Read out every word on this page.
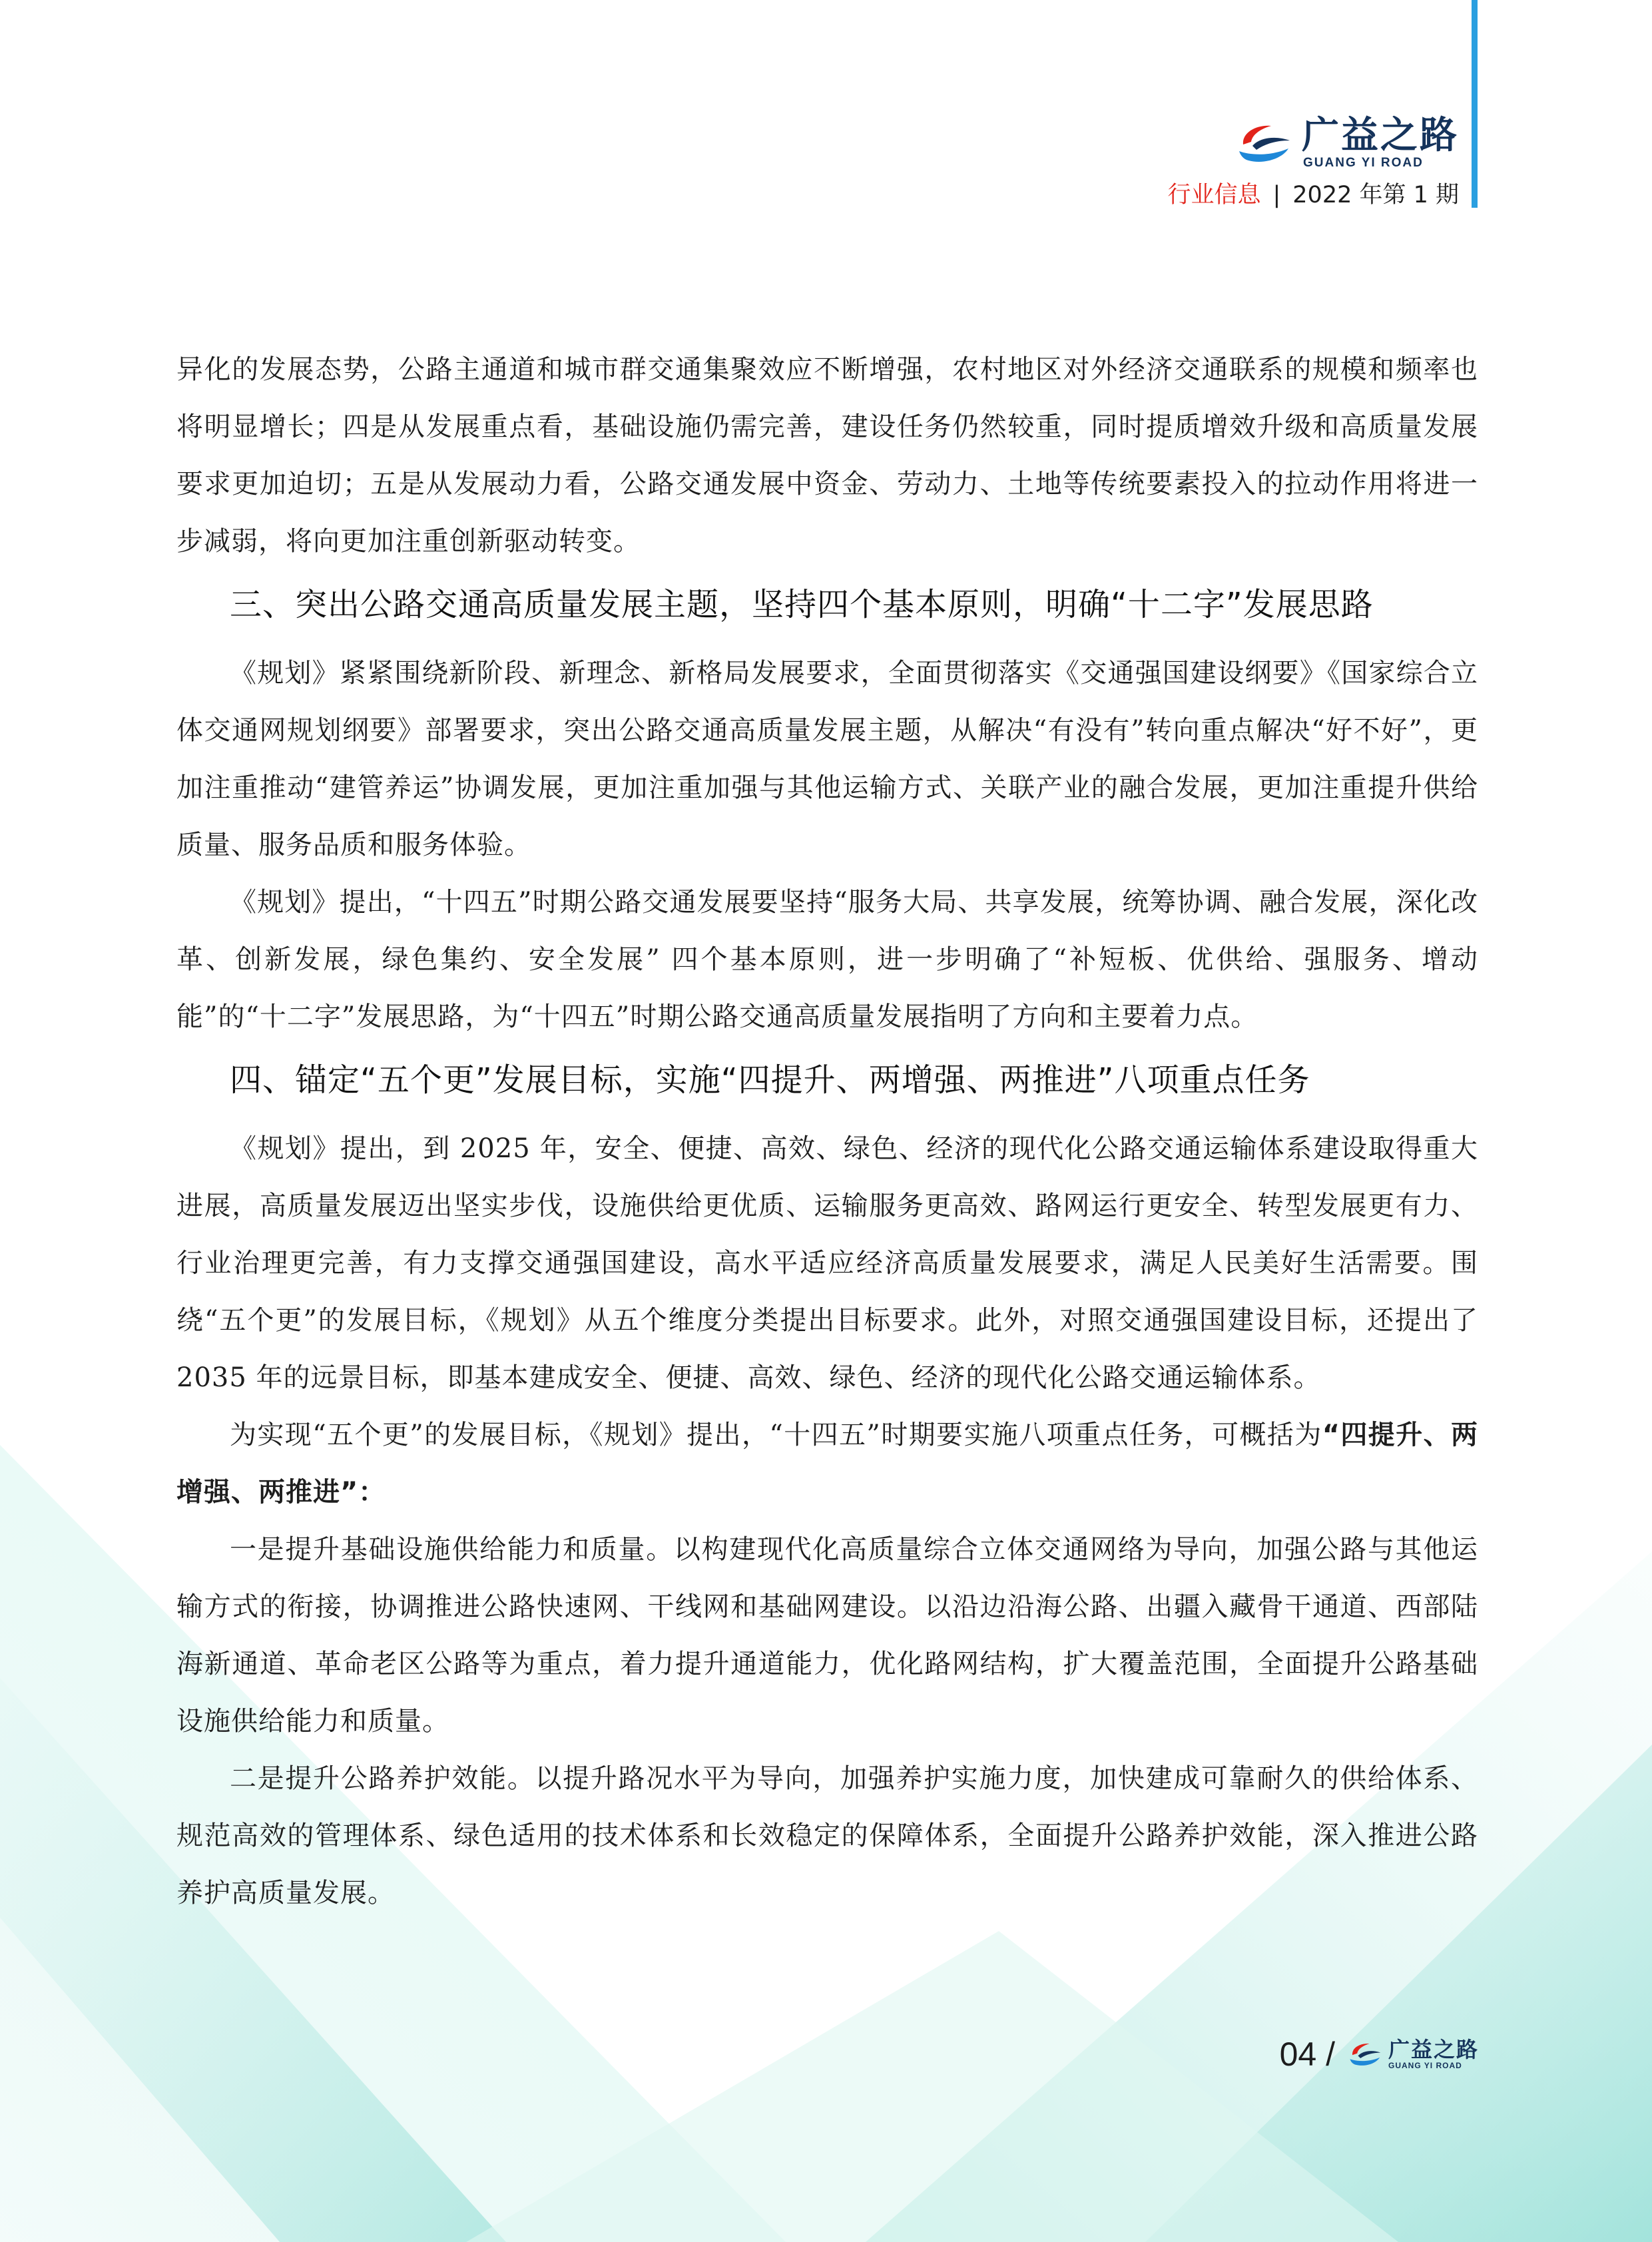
广益之路
GUANG YI ROAD
行业信息 | 2022 年第 1 期

异化的发展态势，公路主通道和城市群交通集聚效应不断增强，农村地区对外经济交通联系的规模和频率也将明显增长；四是从发展重点看，基础设施仍需完善，建设任务仍然较重，同时提质增效升级和高质量发展要求更加迫切；五是从发展动力看，公路交通发展中资金、劳动力、土地等传统要素投入的拉动作用将进一步减弱，将向更加注重创新驱动转变。

三、突出公路交通高质量发展主题，坚持四个基本原则，明确“十二字”发展思路

《规划》紧紧围绕新阶段、新理念、新格局发展要求，全面贯彻落实《交通强国建设纲要》《国家综合立体交通网规划纲要》部署要求，突出公路交通高质量发展主题，从解决“有没有”转向重点解决“好不好”，更加注重推动“建管养运”协调发展，更加注重加强与其他运输方式、关联产业的融合发展，更加注重提升供给质量、服务品质和服务体验。

《规划》提出，“十四五”时期公路交通发展要坚持“服务大局、共享发展，统筹协调、融合发展，深化改革、创新发展，绿色集约、安全发展” 四个基本原则，进一步明确了“补短板、优供给、强服务、增动能”的“十二字”发展思路，为“十四五”时期公路交通高质量发展指明了方向和主要着力点。

四、锚定“五个更”发展目标，实施“四提升、两增强、两推进”八项重点任务

《规划》提出，到 2025 年，安全、便捷、高效、绿色、经济的现代化公路交通运输体系建设取得重大进展，高质量发展迈出坚实步伐，设施供给更优质、运输服务更高效、路网运行更安全、转型发展更有力、行业治理更完善，有力支撑交通强国建设，高水平适应经济高质量发展要求，满足人民美好生活需要。围绕“五个更”的发展目标，《规划》从五个维度分类提出目标要求。此外，对照交通强国建设目标，还提出了 2035 年的远景目标，即基本建成安全、便捷、高效、绿色、经济的现代化公路交通运输体系。

为实现“五个更”的发展目标，《规划》提出，“十四五”时期要实施八项重点任务，可概括为“四提升、两增强、两推进”：

一是提升基础设施供给能力和质量。以构建现代化高质量综合立体交通网络为导向，加强公路与其他运输方式的衔接，协调推进公路快速网、干线网和基础网建设。以沿边沿海公路、出疆入藏骨干通道、西部陆海新通道、革命老区公路等为重点，着力提升通道能力，优化路网结构，扩大覆盖范围，全面提升公路基础设施供给能力和质量。

二是提升公路养护效能。以提升路况水平为导向，加强养护实施力度，加快建成可靠耐久的供给体系、规范高效的管理体系、绿色适用的技术体系和长效稳定的保障体系，全面提升公路养护效能，深入推进公路养护高质量发展。

04 /	广益之路
GUANG YI ROAD
